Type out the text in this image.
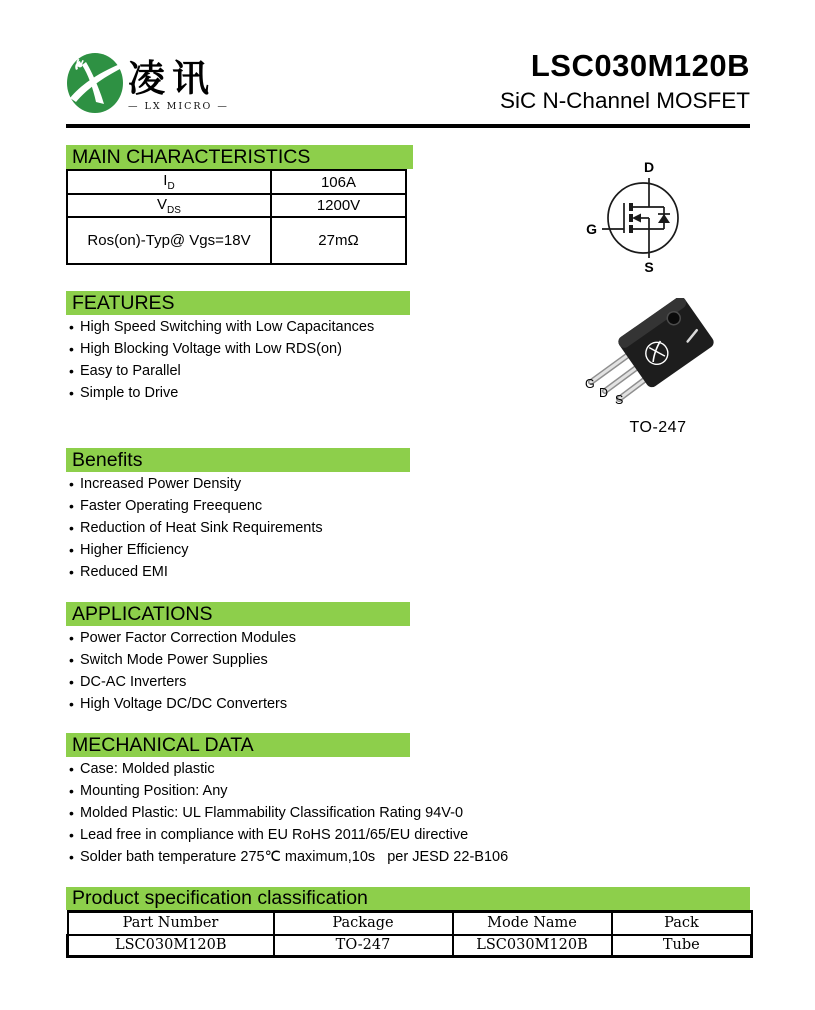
凌讯
— LX MICRO —
LSC030M120B
SiC N-Channel MOSFET
MAIN CHARACTERISTICS
$I_D$	106A
$V_{DS}$	1200V
Ros(on)-Typ@ Vgs=18V	27mΩ
D
G
S
FEATURES
• High Speed Switching with Low Capacitances
• High Blocking Voltage with Low RDS(on)
• Easy to Parallel
• Simple to Drive
G
D S
TO-247
Benefits
• Increased Power Density
• Faster Operating Freequenc
• Reduction of Heat Sink Requirements
• Higher Efficiency
• Reduced EMI
APPLICATIONS
• Power Factor Correction Modules
• Switch Mode Power Supplies
• DC-AC Inverters
• High Voltage DC/DC Converters
MECHANICAL DATA
• Case: Molded plastic
• Mounting Position: Any
• Molded Plastic: UL Flammability Classification Rating 94V-0
• Lead free in compliance with EU RoHS 2011/65/EU directive
• Solder bath temperature 275℃ maximum,10s   per JESD 22-B106
Product specification classification
Part Number	Package	Mode Name	Pack
LSC030M120B	TO-247	LSC030M120B	Tube
